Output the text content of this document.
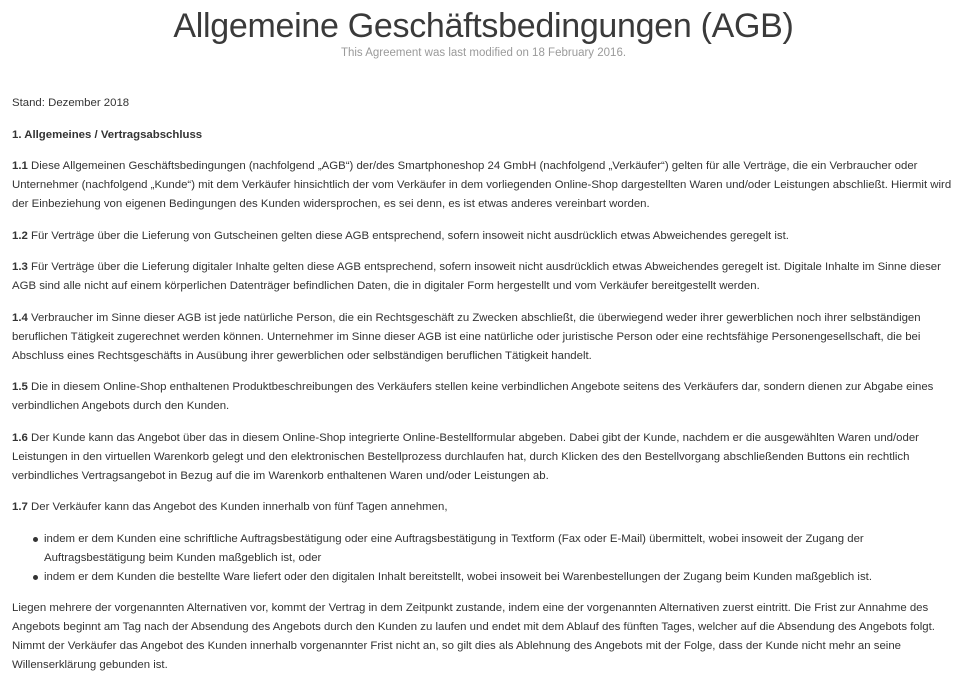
Allgemeine Geschäftsbedingungen (AGB)

This Agreement was last modified on 18 February 2016.

Stand: Dezember 2018

1. Allgemeines / Vertragsabschluss

1.1 Diese Allgemeinen Geschäftsbedingungen (nachfolgend „AGB“) der/des Smartphoneshop 24 GmbH (nachfolgend „Verkäufer“) gelten für alle Verträge, die ein Verbraucher oder Unternehmer (nachfolgend „Kunde“) mit dem Verkäufer hinsichtlich der vom Verkäufer in dem vorliegenden Online-Shop dargestellten Waren und/oder Leistungen abschließt. Hiermit wird der Einbeziehung von eigenen Bedingungen des Kunden widersprochen, es sei denn, es ist etwas anderes vereinbart worden.

1.2 Für Verträge über die Lieferung von Gutscheinen gelten diese AGB entsprechend, sofern insoweit nicht ausdrücklich etwas Abweichendes geregelt ist.

1.3 Für Verträge über die Lieferung digitaler Inhalte gelten diese AGB entsprechend, sofern insoweit nicht ausdrücklich etwas Abweichendes geregelt ist. Digitale Inhalte im Sinne dieser AGB sind alle nicht auf einem körperlichen Datenträger befindlichen Daten, die in digitaler Form hergestellt und vom Verkäufer bereitgestellt werden.

1.4 Verbraucher im Sinne dieser AGB ist jede natürliche Person, die ein Rechtsgeschäft zu Zwecken abschließt, die überwiegend weder ihrer gewerblichen noch ihrer selbständigen beruflichen Tätigkeit zugerechnet werden können. Unternehmer im Sinne dieser AGB ist eine natürliche oder juristische Person oder eine rechtsfähige Personengesellschaft, die bei Abschluss eines Rechtsgeschäfts in Ausübung ihrer gewerblichen oder selbständigen beruflichen Tätigkeit handelt.

1.5 Die in diesem Online-Shop enthaltenen Produktbeschreibungen des Verkäufers stellen keine verbindlichen Angebote seitens des Verkäufers dar, sondern dienen zur Abgabe eines verbindlichen Angebots durch den Kunden.

1.6 Der Kunde kann das Angebot über das in diesem Online-Shop integrierte Online-Bestellformular abgeben. Dabei gibt der Kunde, nachdem er die ausgewählten Waren und/oder Leistungen in den virtuellen Warenkorb gelegt und den elektronischen Bestellprozess durchlaufen hat, durch Klicken des den Bestellvorgang abschließenden Buttons ein rechtlich verbindliches Vertragsangebot in Bezug auf die im Warenkorb enthaltenen Waren und/oder Leistungen ab.

1.7 Der Verkäufer kann das Angebot des Kunden innerhalb von fünf Tagen annehmen,

indem er dem Kunden eine schriftliche Auftragsbestätigung oder eine Auftragsbestätigung in Textform (Fax oder E-Mail) übermittelt, wobei insoweit der Zugang der Auftragsbestätigung beim Kunden maßgeblich ist, oder
indem er dem Kunden die bestellte Ware liefert oder den digitalen Inhalt bereitstellt, wobei insoweit bei Warenbestellungen der Zugang beim Kunden maßgeblich ist.

Liegen mehrere der vorgenannten Alternativen vor, kommt der Vertrag in dem Zeitpunkt zustande, indem eine der vorgenannten Alternativen zuerst eintritt. Die Frist zur Annahme des Angebots beginnt am Tag nach der Absendung des Angebots durch den Kunden zu laufen und endet mit dem Ablauf des fünften Tages, welcher auf die Absendung des Angebots folgt. Nimmt der Verkäufer das Angebot des Kunden innerhalb vorgenannter Frist nicht an, so gilt dies als Ablehnung des Angebots mit der Folge, dass der Kunde nicht mehr an seine Willenserklärung gebunden ist.
